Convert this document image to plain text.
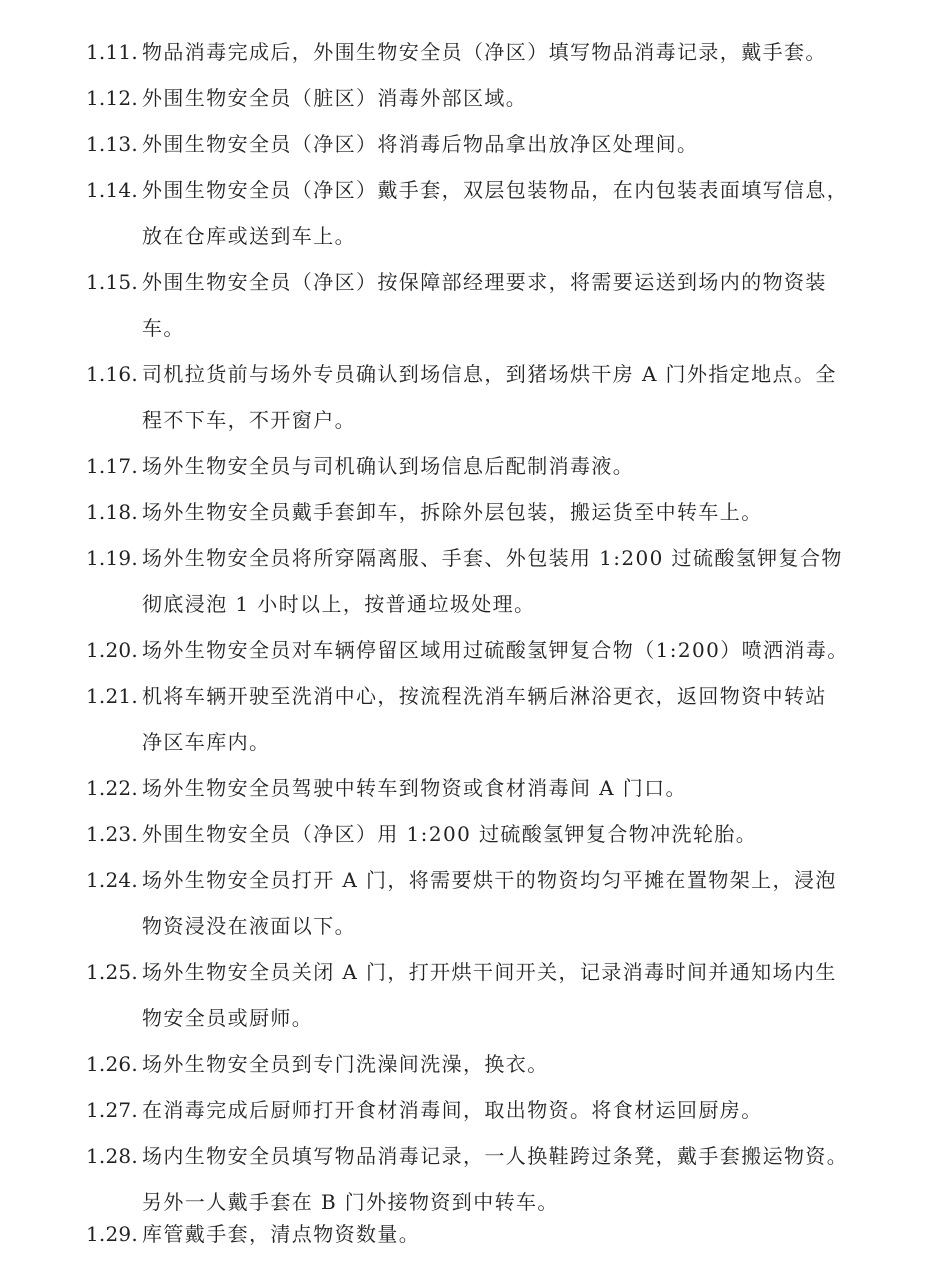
1.11. 物品消毒完成后，外围生物安全员（净区）填写物品消毒记录，戴手套。
1.12. 外围生物安全员（脏区）消毒外部区域。
1.13. 外围生物安全员（净区）将消毒后物品拿出放净区处理间。
1.14. 外围生物安全员（净区）戴手套，双层包装物品，在内包装表面填写信息，
放在仓库或送到车上。
1.15. 外围生物安全员（净区）按保障部经理要求，将需要运送到场内的物资装
车。
1.16. 司机拉货前与场外专员确认到场信息，到猪场烘干房 A 门外指定地点。全
程不下车，不开窗户。
1.17. 场外生物安全员与司机确认到场信息后配制消毒液。
1.18. 场外生物安全员戴手套卸车，拆除外层包装，搬运货至中转车上。
1.19. 场外生物安全员将所穿隔离服、手套、外包装用 1:200 过硫酸氢钾复合物
彻底浸泡 1 小时以上，按普通垃圾处理。
1.20. 场外生物安全员对车辆停留区域用过硫酸氢钾复合物（1:200）喷洒消毒。
1.21. 机将车辆开驶至洗消中心，按流程洗消车辆后淋浴更衣，返回物资中转站
净区车库内。
1.22. 场外生物安全员驾驶中转车到物资或食材消毒间 A 门口。
1.23. 外围生物安全员（净区）用 1:200 过硫酸氢钾复合物冲洗轮胎。
1.24. 场外生物安全员打开 A 门，将需要烘干的物资均匀平摊在置物架上，浸泡
物资浸没在液面以下。
1.25. 场外生物安全员关闭 A 门，打开烘干间开关，记录消毒时间并通知场内生
物安全员或厨师。
1.26. 场外生物安全员到专门洗澡间洗澡，换衣。
1.27. 在消毒完成后厨师打开食材消毒间，取出物资。将食材运回厨房。
1.28. 场内生物安全员填写物品消毒记录，一人换鞋跨过条凳，戴手套搬运物资。
另外一人戴手套在 B 门外接物资到中转车。
1.29. 库管戴手套，清点物资数量。
